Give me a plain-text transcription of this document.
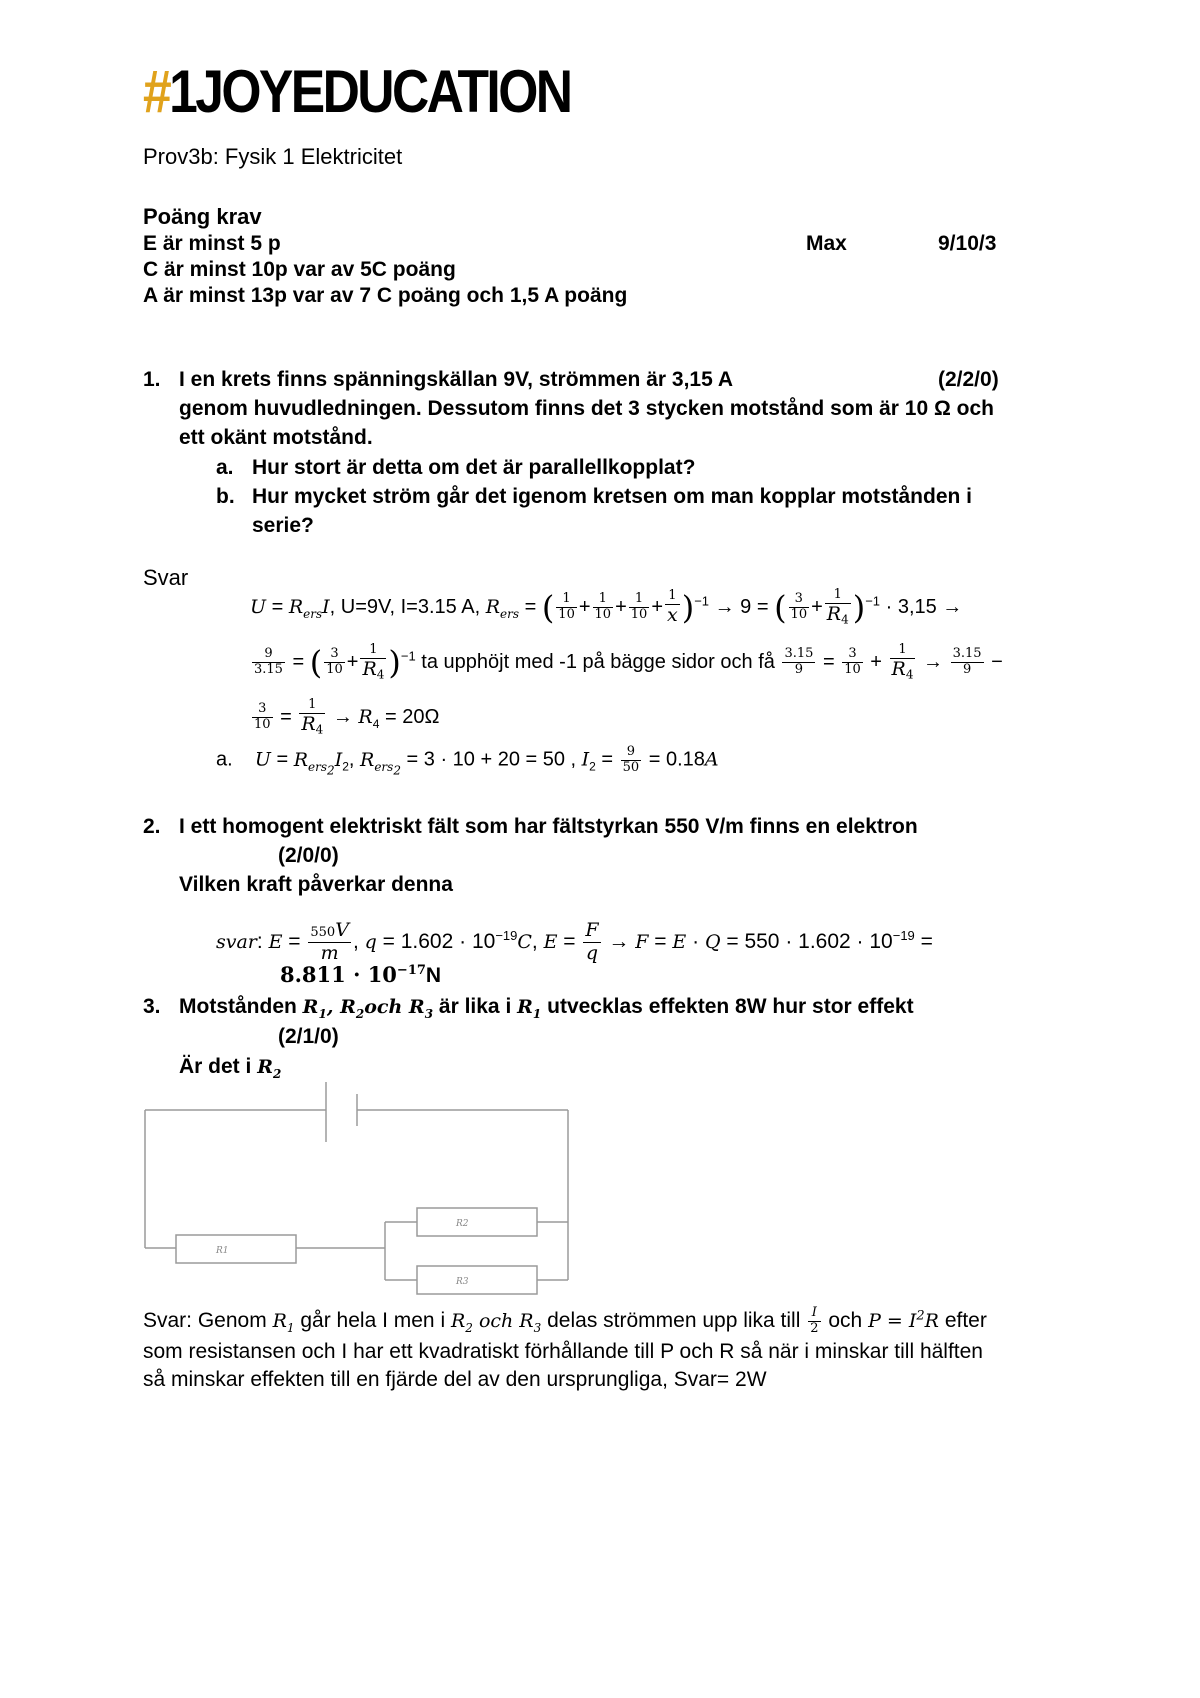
#1JOYEDUCATION
Prov3b: Fysik 1 Elektricitet
Poäng krav
E är minst 5 p	Max	9/10/3
C är minst 10p var av 5C poäng
A är minst 13p var av 7 C poäng och 1,5 A poäng
1. I en krets finns spänningskällan 9V, strömmen är 3,15 A	(2/2/0)
genom huvudledningen. Dessutom finns det 3 stycken motstånd som är 10 Ω och
ett okänt motstånd.
a. Hur stort är detta om det är parallellkopplat?
b. Hur mycket ström går det igenom kretsen om man kopplar motstånden i
serie?
Svar
$U = R_{ers}I$, U=9V, I=3.15 A, $R_{ers}$ = ( $\frac{1}{10} + \frac{1}{10} + \frac{1}{10} + \frac{1}{x} )^{-1} \to 9$ = ( $\frac{3}{10} + \frac{1}{R_4} )^{-1} \cdot 3,15$ →
$\frac{9}{3.15}$ = ( $\frac{3}{10} + \frac{1}{R_4} )^{-1}$ ta upphöjt med -1 på bägge sidor och få $\frac{3.15}{9} = \frac{3}{10} + \frac{1}{R_4} \to \frac{3.15}{9}$ −
$\frac{3}{10} = \frac{1}{R_4} \to R_4 = 20\Omega$
a. $U = R_{ers_2}I_2$, $R_{ers_2} = 3 \cdot 10 + 20 = 50$ , $I_2 = \frac{9}{50} = 0.18A$
2. I ett homogent elektriskt fält som har fältstyrkan 550 V/m finns en elektron
(2/0/0)
Vilken kraft påverkar denna
svar: $E = \frac{550V}{m}$ , $q = 1.602 \cdot 10^{-19}C$, $E = \frac{F}{q} \to F = E \cdot Q = 550 \cdot 1.602 \cdot 10^{-19}$ =
$8.811 \cdot 10^{-17}N$
3. Motstånden $R_1$, $R_2och$ $R_3$ är lika i $R_1$ utvecklas effekten 8W hur stor effekt
(2/1/0)
Är det i $R_2$
R1
R2
R3
Svar: Genom $R_1$ går hela I men i $R_2$ och $R_3$ delas strömmen upp lika till $\frac{I}{2}$ och $P = I^2R$ efter
som resistansen och I har ett kvadratiskt förhållande till P och R så när i minskar till hälften
så minskar effekten till en fjärde del av den ursprungliga, Svar= 2W
